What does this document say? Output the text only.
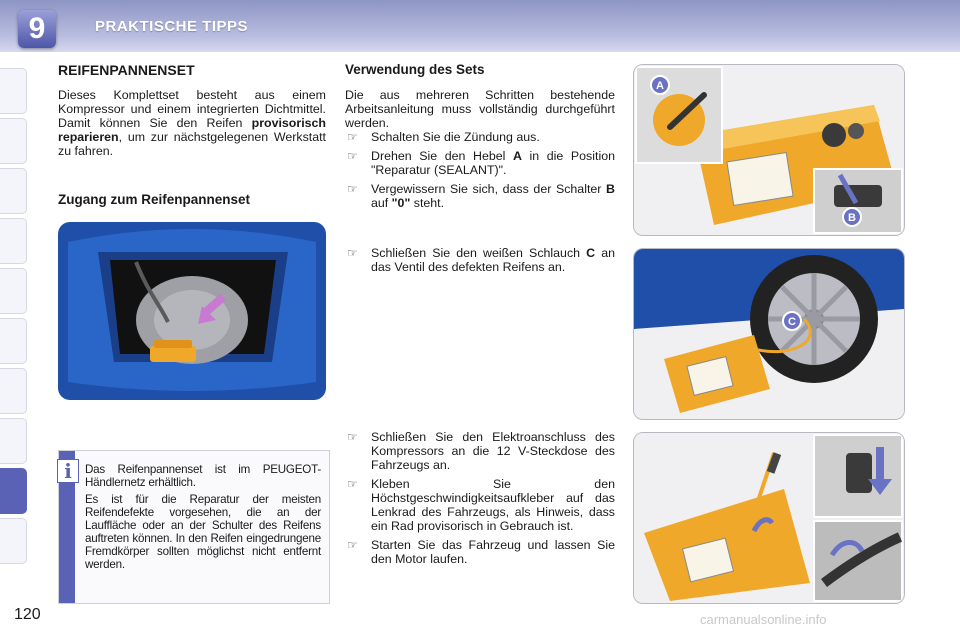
9	PRAKTISCHE TIPPS
REIFENPANNENSET

Dieses Komplettset besteht aus einem Kompressor und einem integrierten Dichtmittel. Damit können Sie den Reifen provisorisch reparieren, um zur nächstgelegenen Werkstatt zu fahren.

Zugang zum Reifenpannenset
i	Das Reifenpannenset ist im PEUGEOT-Händlernetz erhältlich.

Es ist für die Reparatur der meisten Reifendefekte vorgesehen, die an der Lauffläche oder an der Schulter des Reifens auftreten können. In den Reifen eingedrungene Fremdkörper sollten möglichst nicht entfernt werden.

Verwendung des Sets

Die aus mehreren Schritten bestehende Arbeitsanleitung muss vollständig durchgeführt werden.

☞ Schalten Sie die Zündung aus.
☞ Drehen Sie den Hebel A in die Position "Reparatur (SEALANT)".
☞ Vergewissern Sie sich, dass der Schalter B auf "0" steht.
☞ Schließen Sie den weißen Schlauch C an das Ventil des defekten Reifens an.
☞ Schließen Sie den Elektroanschluss des Kompressors an die 12 V-Steckdose des Fahrzeugs an.
☞ Kleben Sie den Höchstgeschwindigkeitsaufkleber auf das Lenkrad des Fahrzeugs, als Hinweis, dass ein Rad provisorisch in Gebrauch ist.
☞ Starten Sie das Fahrzeug und lassen Sie den Motor laufen.
A
B
C
120	carmanualsonline.info
